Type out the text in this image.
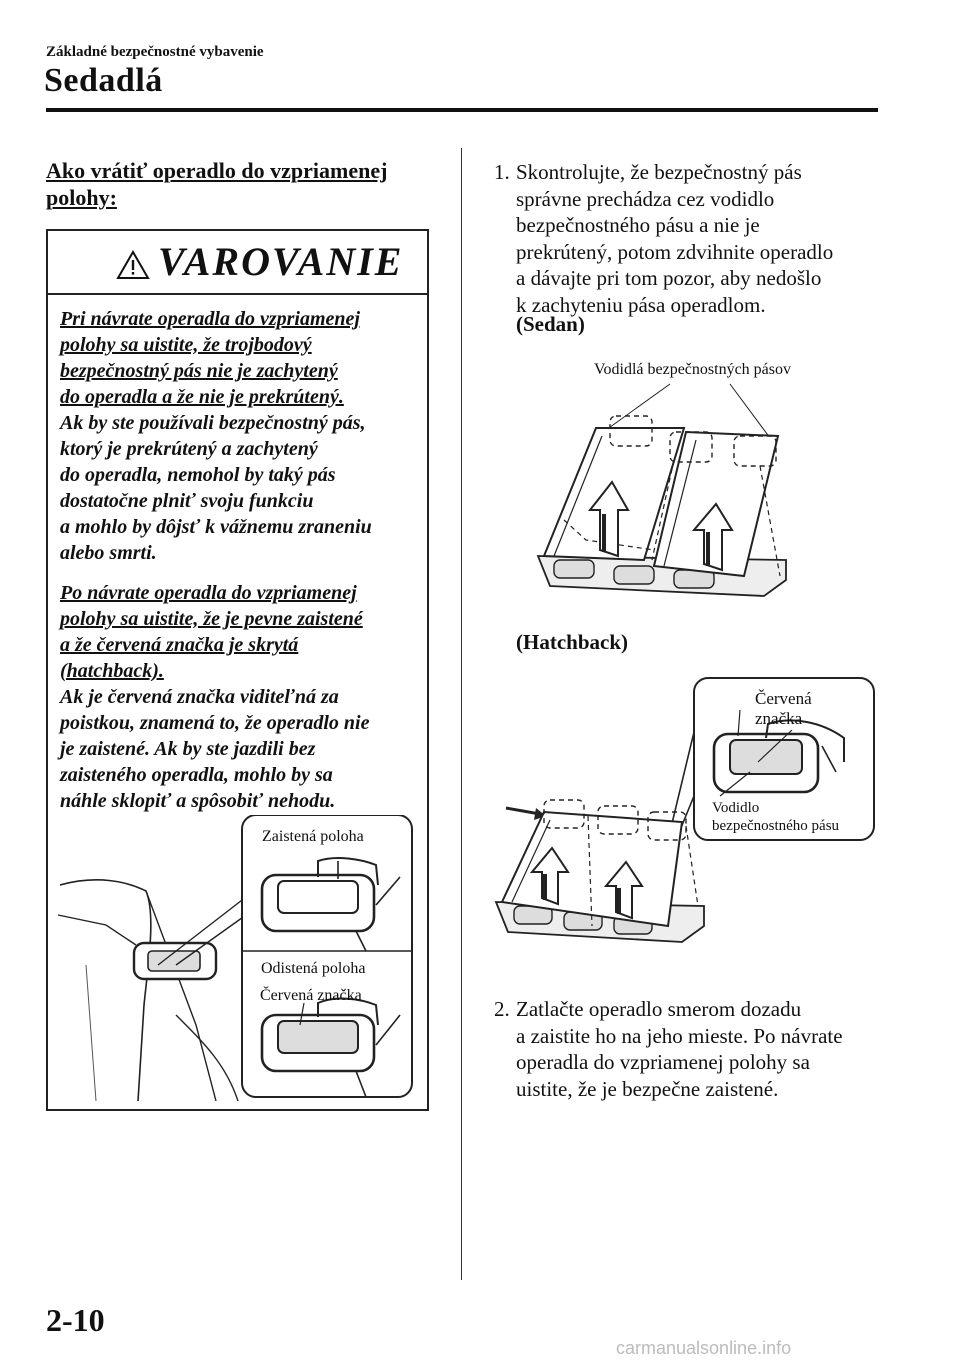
Základné bezpečnostné vybavenie
Sedadlá
Ako vrátiť operadlo do vzpriamenej
polohy:
VAROVANIE
Pri návrate operadla do vzpriamenej
polohy sa uistite, že trojbodový
bezpečnostný pás nie je zachytený
do operadla a že nie je prekrútený.
Ak by ste používali bezpečnostný pás,
ktorý je prekrútený a zachytený
do operadla, nemohol by taký pás
dostatočne plniť svoju funkciu
a mohlo by dôjsť k vážnemu zraneniu
alebo smrti.
Po návrate operadla do vzpriamenej
polohy sa uistite, že je pevne zaistené
a že červená značka je skrytá
(hatchback).
Ak je červená značka viditeľná za
poistkou, znamená to, že operadlo nie
je zaistené. Ak by ste jazdili bez
zaisteného operadla, mohlo by sa
náhle sklopiť a spôsobiť nehodu.
Zaistená poloha
Odistená poloha
Červená značka
1. Skontrolujte, že bezpečnostný pás
správne prechádza cez vodidlo
bezpečnostného pásu a nie je
prekrútený, potom zdvihnite operadlo
a dávajte pri tom pozor, aby nedošlo
k zachyteniu pása operadlom.
(Sedan)
Vodidlá bezpečnostných pásov
(Hatchback)
Červená
značka
Vodidlo
bezpečnostného pásu
2. Zatlačte operadlo smerom dozadu
a zaistite ho na jeho mieste. Po návrate
operadla do vzpriamenej polohy sa
uistite, že je bezpečne zaistené.
2-10
carmanualsonline.info
